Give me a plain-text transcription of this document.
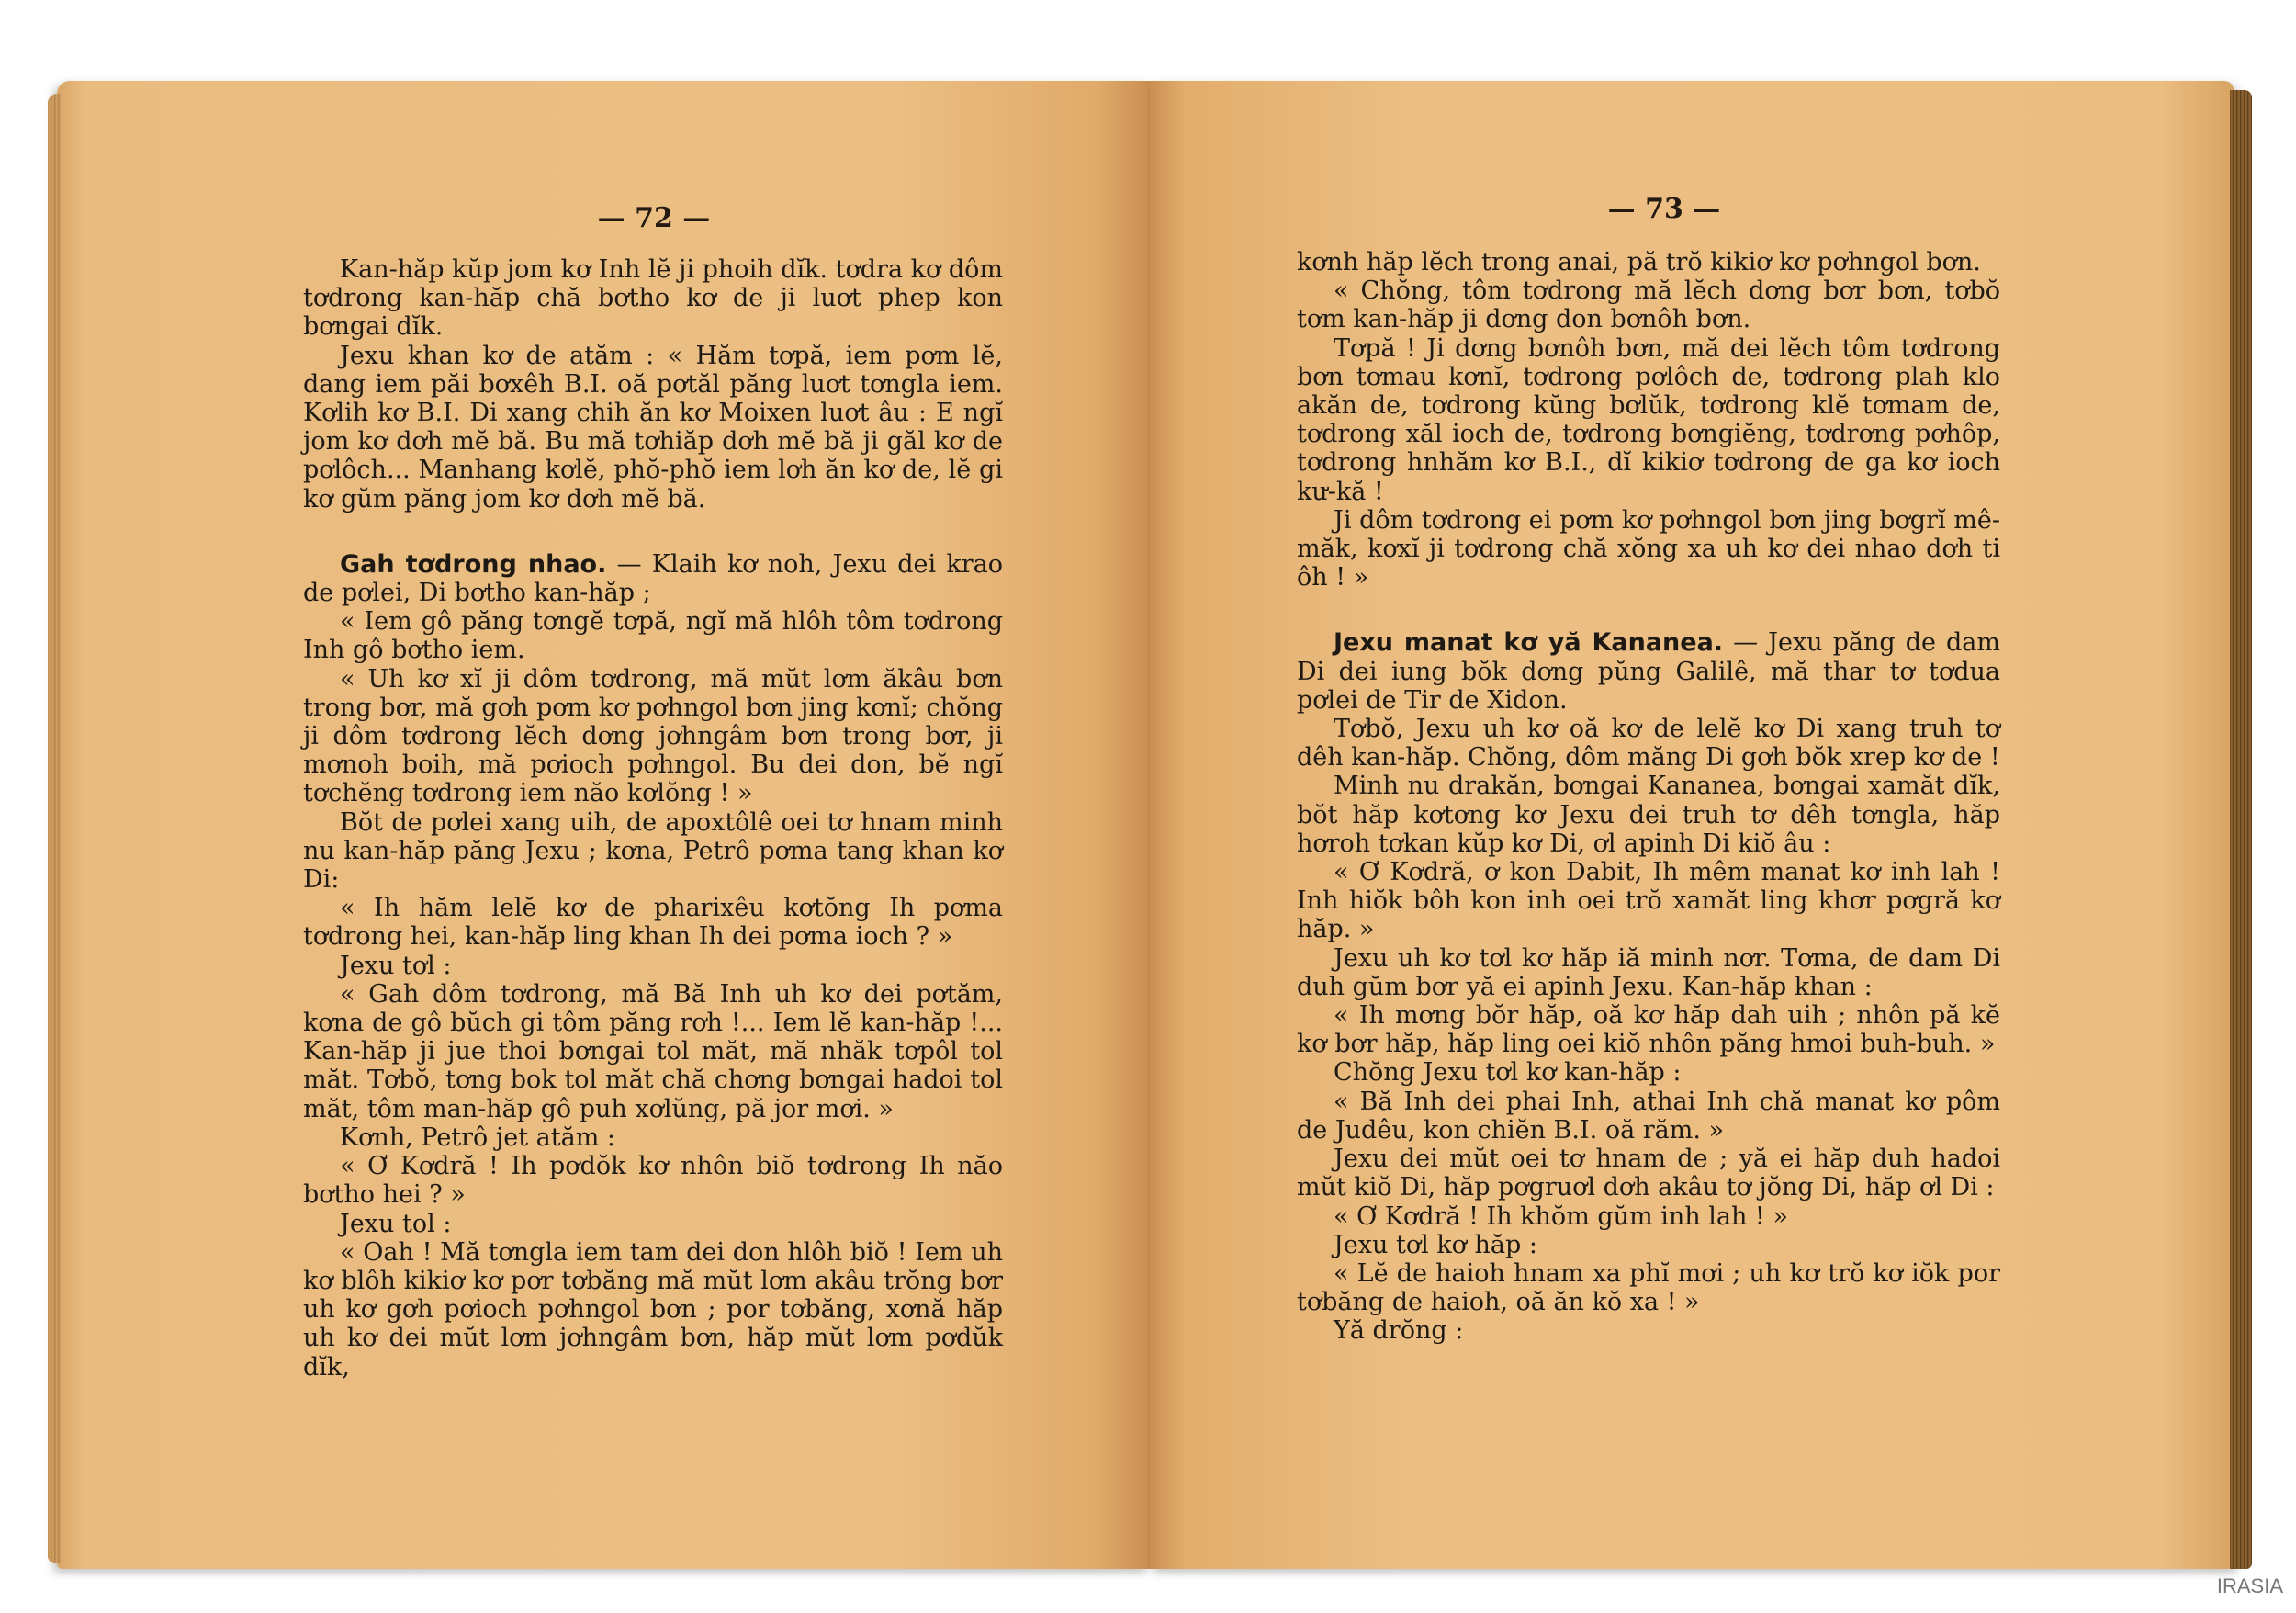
— 72 —

Kan-hăp kŭp jom kơ Inh lĕ ji phoih dĭk. tơdra kơ dôm tơdrong kan-hăp chă bơtho kơ de ji luơt phep kon bơngai dĭk.

Jexu khan kơ de atăm : « Hăm tơpă, iem pơm lĕ, dang iem păi bơxêh B.I. oă pơtăl păng luơt tơngla iem. Kơlih kơ B.I. Di xang chih ăn kơ Moixen luơt âu : E ngĭ jom kơ dơh mĕ bă. Bu mă tơhiăp dơh mĕ bă ji găl kơ de pơlôch... Manhang kơlĕ, phŏ-phŏ iem lơh ăn kơ de, lĕ gi kơ gŭm păng jom kơ dơh mĕ bă.

Gah tơdrong nhao. — Klaih kơ noh, Jexu dei krao de pơlei, Di bơtho kan-hăp ;

« Iem gô păng tơngĕ tơpă, ngĭ mă hlôh tôm tơdrong Inh gô bơtho iem.

« Uh kơ xĭ ji dôm tơdrong, mă mŭt lơm ăkâu bơn trong bơr, mă gơh pơm kơ pơhngol bơn jing kơnĭ; chŏng ji dôm tơdrong lĕch dơng jơhngâm bơn trong bơr, ji mơnoh boih, mă pơioch pơhngol. Bu dei don, bĕ ngĭ tơchĕng tơdrong iem năo kơlŏng ! »

Bŏt de pơlei xang uih, de apoxtôlê oei tơ hnam minh nu kan-hăp păng Jexu ; kơna, Petrô pơma tang khan kơ Di:

« Ih hăm lelĕ kơ de pharixêu kơtŏng Ih pơma tơdrong hei, kan-hăp ling khan Ih dei pơma ioch ? »

Jexu tơl :

« Gah dôm tơdrong, mă Bă Inh uh kơ dei pơtăm, kơna de gô bŭch gi tôm păng rơh !... Iem lĕ kan-hăp !... Kan-hăp ji jue thoi bơngai tol măt, mă nhăk tơpôl tol măt. Tơbŏ, tơng bok tol măt chă chơng bơngai hadoi tol măt, tôm man-hăp gô puh xơlŭng, pă jor mơi. »

Kơnh, Petrô jet atăm :

« Ơ Kơdră ! Ih pơdŏk kơ nhôn biŏ tơdrong Ih năo bơtho hei ? »

Jexu tol :

« Oah ! Mă tơngla iem tam dei don hlôh biŏ ! Iem uh kơ blôh kikiơ kơ pơr tơbăng mă mŭt lơm akâu trŏng bơr uh kơ gơh pơioch pơhngol bơn ; por tơbăng, xơnă hăp uh kơ dei mŭt lơm jơhngâm bơn, hăp mŭt lơm pơdŭk dĭk,

— 73 —

kơnh hăp lĕch trong anai, pă trŏ kikiơ kơ pơhngol bơn.

« Chŏng, tôm tơdrong mă lĕch dơng bơr bơn, tơbŏ tơm kan-hăp ji dơng don bơnôh bơn.

Tơpă ! Ji dơng bơnôh bơn, mă dei lĕch tôm tơdrong bơn tơmau kơnĭ, tơdrong pơlôch de, tơdrong plah klo akăn de, tơdrong kŭng bơlŭk, tơdrong klĕ tơmam de, tơdrong xăl ioch de, tơdrong bơngiĕng, tơdrơng pơhôp, tơdrong hnhăm kơ B.I., dĭ kikiơ tơdrong de ga kơ ioch kư-kă !

Ji dôm tơdrong ei pơm kơ pơhngol bơn jing bơgrĭ mê-măk, kơxĭ ji tơdrong chă xŏng xa uh kơ dei nhao dơh ti ôh ! »

Jexu manat kơ yă Kananea. — Jexu păng de dam Di dei iung bŏk dơng pŭng Galilê, mă thar tơ tơdua pơlei de Tir de Xidon.

Tơbŏ, Jexu uh kơ oă kơ de lelĕ kơ Di xang truh tơ dêh kan-hăp. Chŏng, dôm măng Di gơh bŏk xrep kơ de !

Minh nu drakăn, bơngai Kananea, bơngai xamăt dĭk, bŏt hăp kơtơng kơ Jexu dei truh tơ dêh tơngla, hăp hơroh tơkan kŭp kơ Di, ơl apinh Di kiŏ âu :

« Ơ Kơdră, ơ kon Dabit, Ih mêm manat kơ inh lah ! Inh hiŏk bôh kon inh oei trŏ xamăt ling khơr pơgră kơ hăp. »

Jexu uh kơ tơl kơ hăp iă minh nơr. Tơma, de dam Di duh gŭm bơr yă ei apinh Jexu. Kan-hăp khan :

« Ih mơng bŏr hăp, oă kơ hăp dah uih ; nhôn pă kĕ kơ bơr hăp, hăp ling oei kiŏ nhôn păng hmoi buh-buh. »

Chŏng Jexu tơl kơ kan-hăp :

« Bă Inh dei phai Inh, athai Inh chă manat kơ pôm de Judêu, kon chiĕn B.I. oă răm. »

Jexu dei mŭt oei tơ hnam de ; yă ei hăp duh hadoi mŭt kiŏ Di, hăp pơgruơl dơh akâu tơ jŏng Di, hăp ơl Di :

« Ơ Kơdră ! Ih khŏm gŭm inh lah ! »

Jexu tơl kơ hăp :

« Lĕ de haioh hnam xa phĭ mơi ; uh kơ trŏ kơ iŏk por tơbăng de haioh, oă ăn kŏ xa ! »

Yă drŏng :

IRASIA
